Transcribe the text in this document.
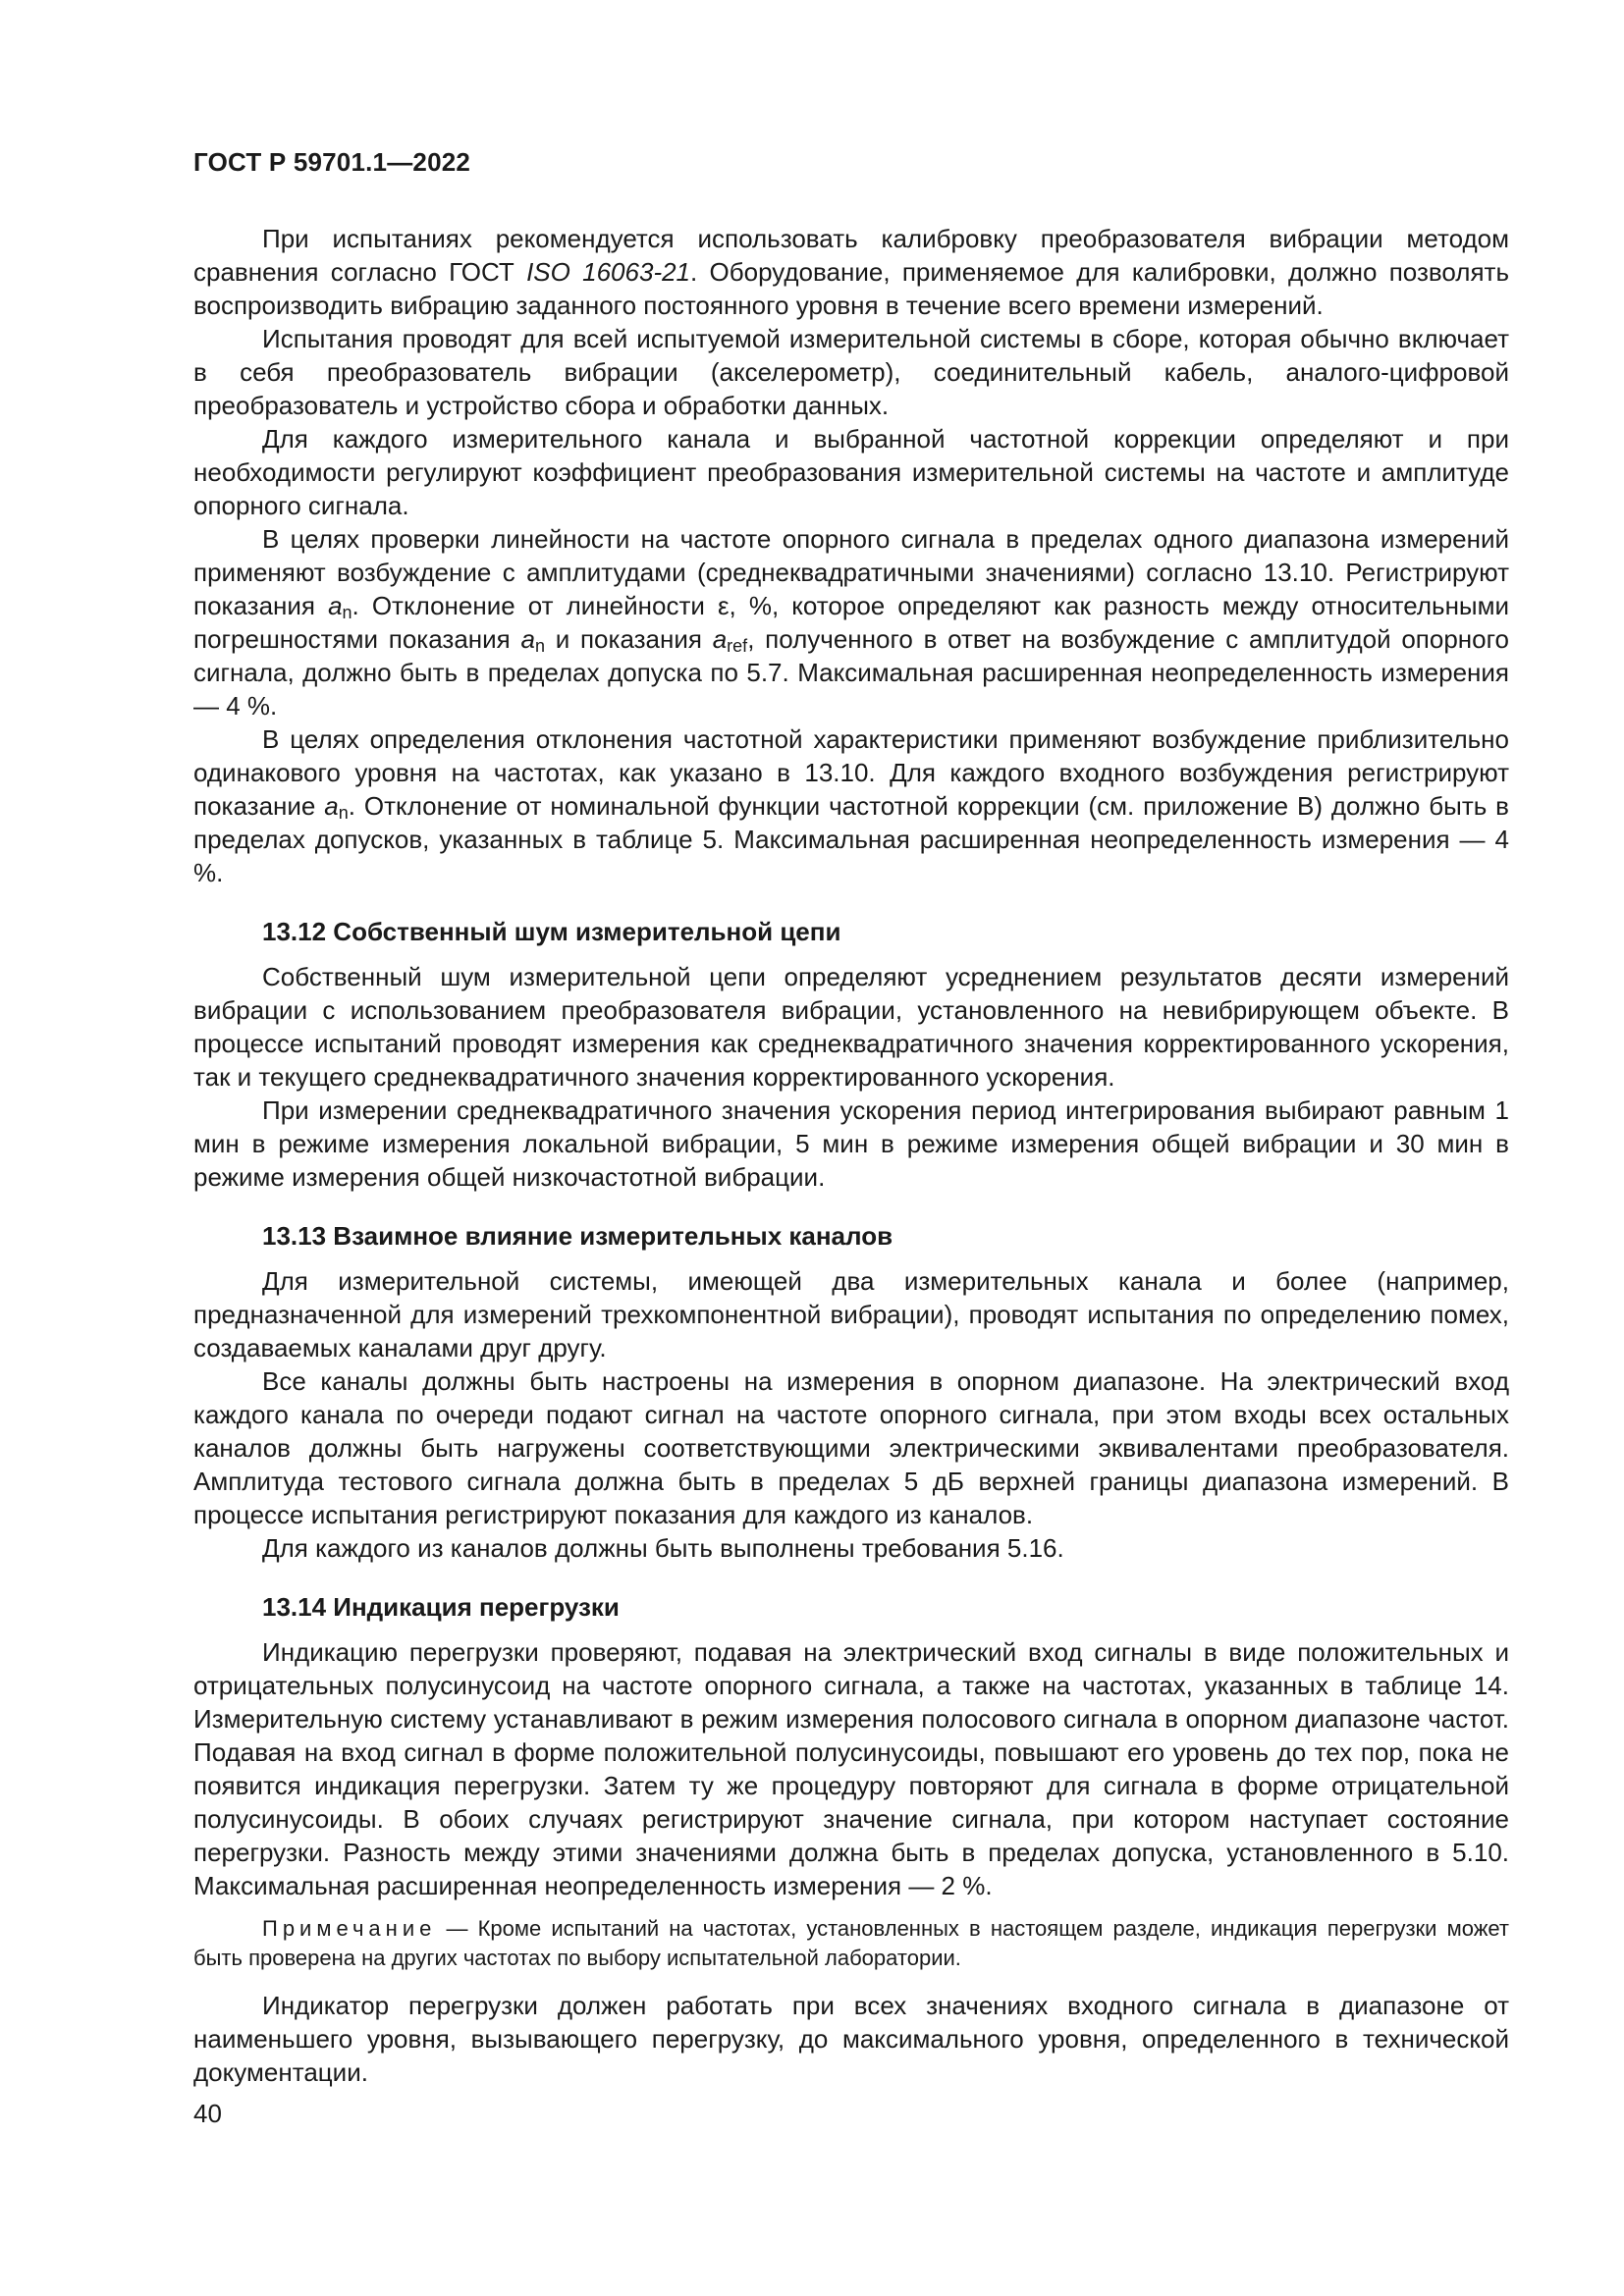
ГОСТ Р 59701.1—2022

При испытаниях рекомендуется использовать калибровку преобразователя вибрации методом сравнения согласно ГОСТ ISO 16063-21. Оборудование, применяемое для калибровки, должно позволять воспроизводить вибрацию заданного постоянного уровня в течение всего времени измерений.

Испытания проводят для всей испытуемой измерительной системы в сборе, которая обычно включает в себя преобразователь вибрации (акселерометр), соединительный кабель, аналого-цифровой преобразователь и устройство сбора и обработки данных.

Для каждого измерительного канала и выбранной частотной коррекции определяют и при необходимости регулируют коэффициент преобразования измерительной системы на частоте и амплитуде опорного сигнала.

В целях проверки линейности на частоте опорного сигнала в пределах одного диапазона измерений применяют возбуждение с амплитудами (среднеквадратичными значениями) согласно 13.10. Регистрируют показания $a_n$. Отклонение от линейности ε, %, которое определяют как разность между относительными погрешностями показания $a_n$ и показания $a_{ref}$, полученного в ответ на возбуждение с амплитудой опорного сигнала, должно быть в пределах допуска по 5.7. Максимальная расширенная неопределенность измерения — 4 %.

В целях определения отклонения частотной характеристики применяют возбуждение приблизительно одинакового уровня на частотах, как указано в 13.10. Для каждого входного возбуждения регистрируют показание $a_n$. Отклонение от номинальной функции частотной коррекции (см. приложение В) должно быть в пределах допусков, указанных в таблице 5. Максимальная расширенная неопределенность измерения — 4 %.

13.12 Собственный шум измерительной цепи

Собственный шум измерительной цепи определяют усреднением результатов десяти измерений вибрации с использованием преобразователя вибрации, установленного на невибрирующем объекте. В процессе испытаний проводят измерения как среднеквадратичного значения корректированного ускорения, так и текущего среднеквадратичного значения корректированного ускорения.

При измерении среднеквадратичного значения ускорения период интегрирования выбирают равным 1 мин в режиме измерения локальной вибрации, 5 мин в режиме измерения общей вибрации и 30 мин в режиме измерения общей низкочастотной вибрации.

13.13 Взаимное влияние измерительных каналов

Для измерительной системы, имеющей два измерительных канала и более (например, предназначенной для измерений трехкомпонентной вибрации), проводят испытания по определению помех, создаваемых каналами друг другу.

Все каналы должны быть настроены на измерения в опорном диапазоне. На электрический вход каждого канала по очереди подают сигнал на частоте опорного сигнала, при этом входы всех остальных каналов должны быть нагружены соответствующими электрическими эквивалентами преобразователя. Амплитуда тестового сигнала должна быть в пределах 5 дБ верхней границы диапазона измерений. В процессе испытания регистрируют показания для каждого из каналов.

Для каждого из каналов должны быть выполнены требования 5.16.

13.14 Индикация перегрузки

Индикацию перегрузки проверяют, подавая на электрический вход сигналы в виде положительных и отрицательных полусинусоид на частоте опорного сигнала, а также на частотах, указанных в таблице 14. Измерительную систему устанавливают в режим измерения полосового сигнала в опорном диапазоне частот. Подавая на вход сигнал в форме положительной полусинусоиды, повышают его уровень до тех пор, пока не появится индикация перегрузки. Затем ту же процедуру повторяют для сигнала в форме отрицательной полусинусоиды. В обоих случаях регистрируют значение сигнала, при котором наступает состояние перегрузки. Разность между этими значениями должна быть в пределах допуска, установленного в 5.10. Максимальная расширенная неопределенность измерения — 2 %.

Примечание — Кроме испытаний на частотах, установленных в настоящем разделе, индикация перегрузки может быть проверена на других частотах по выбору испытательной лаборатории.

Индикатор перегрузки должен работать при всех значениях входного сигнала в диапазоне от наименьшего уровня, вызывающего перегрузку, до максимального уровня, определенного в технической документации.

40
